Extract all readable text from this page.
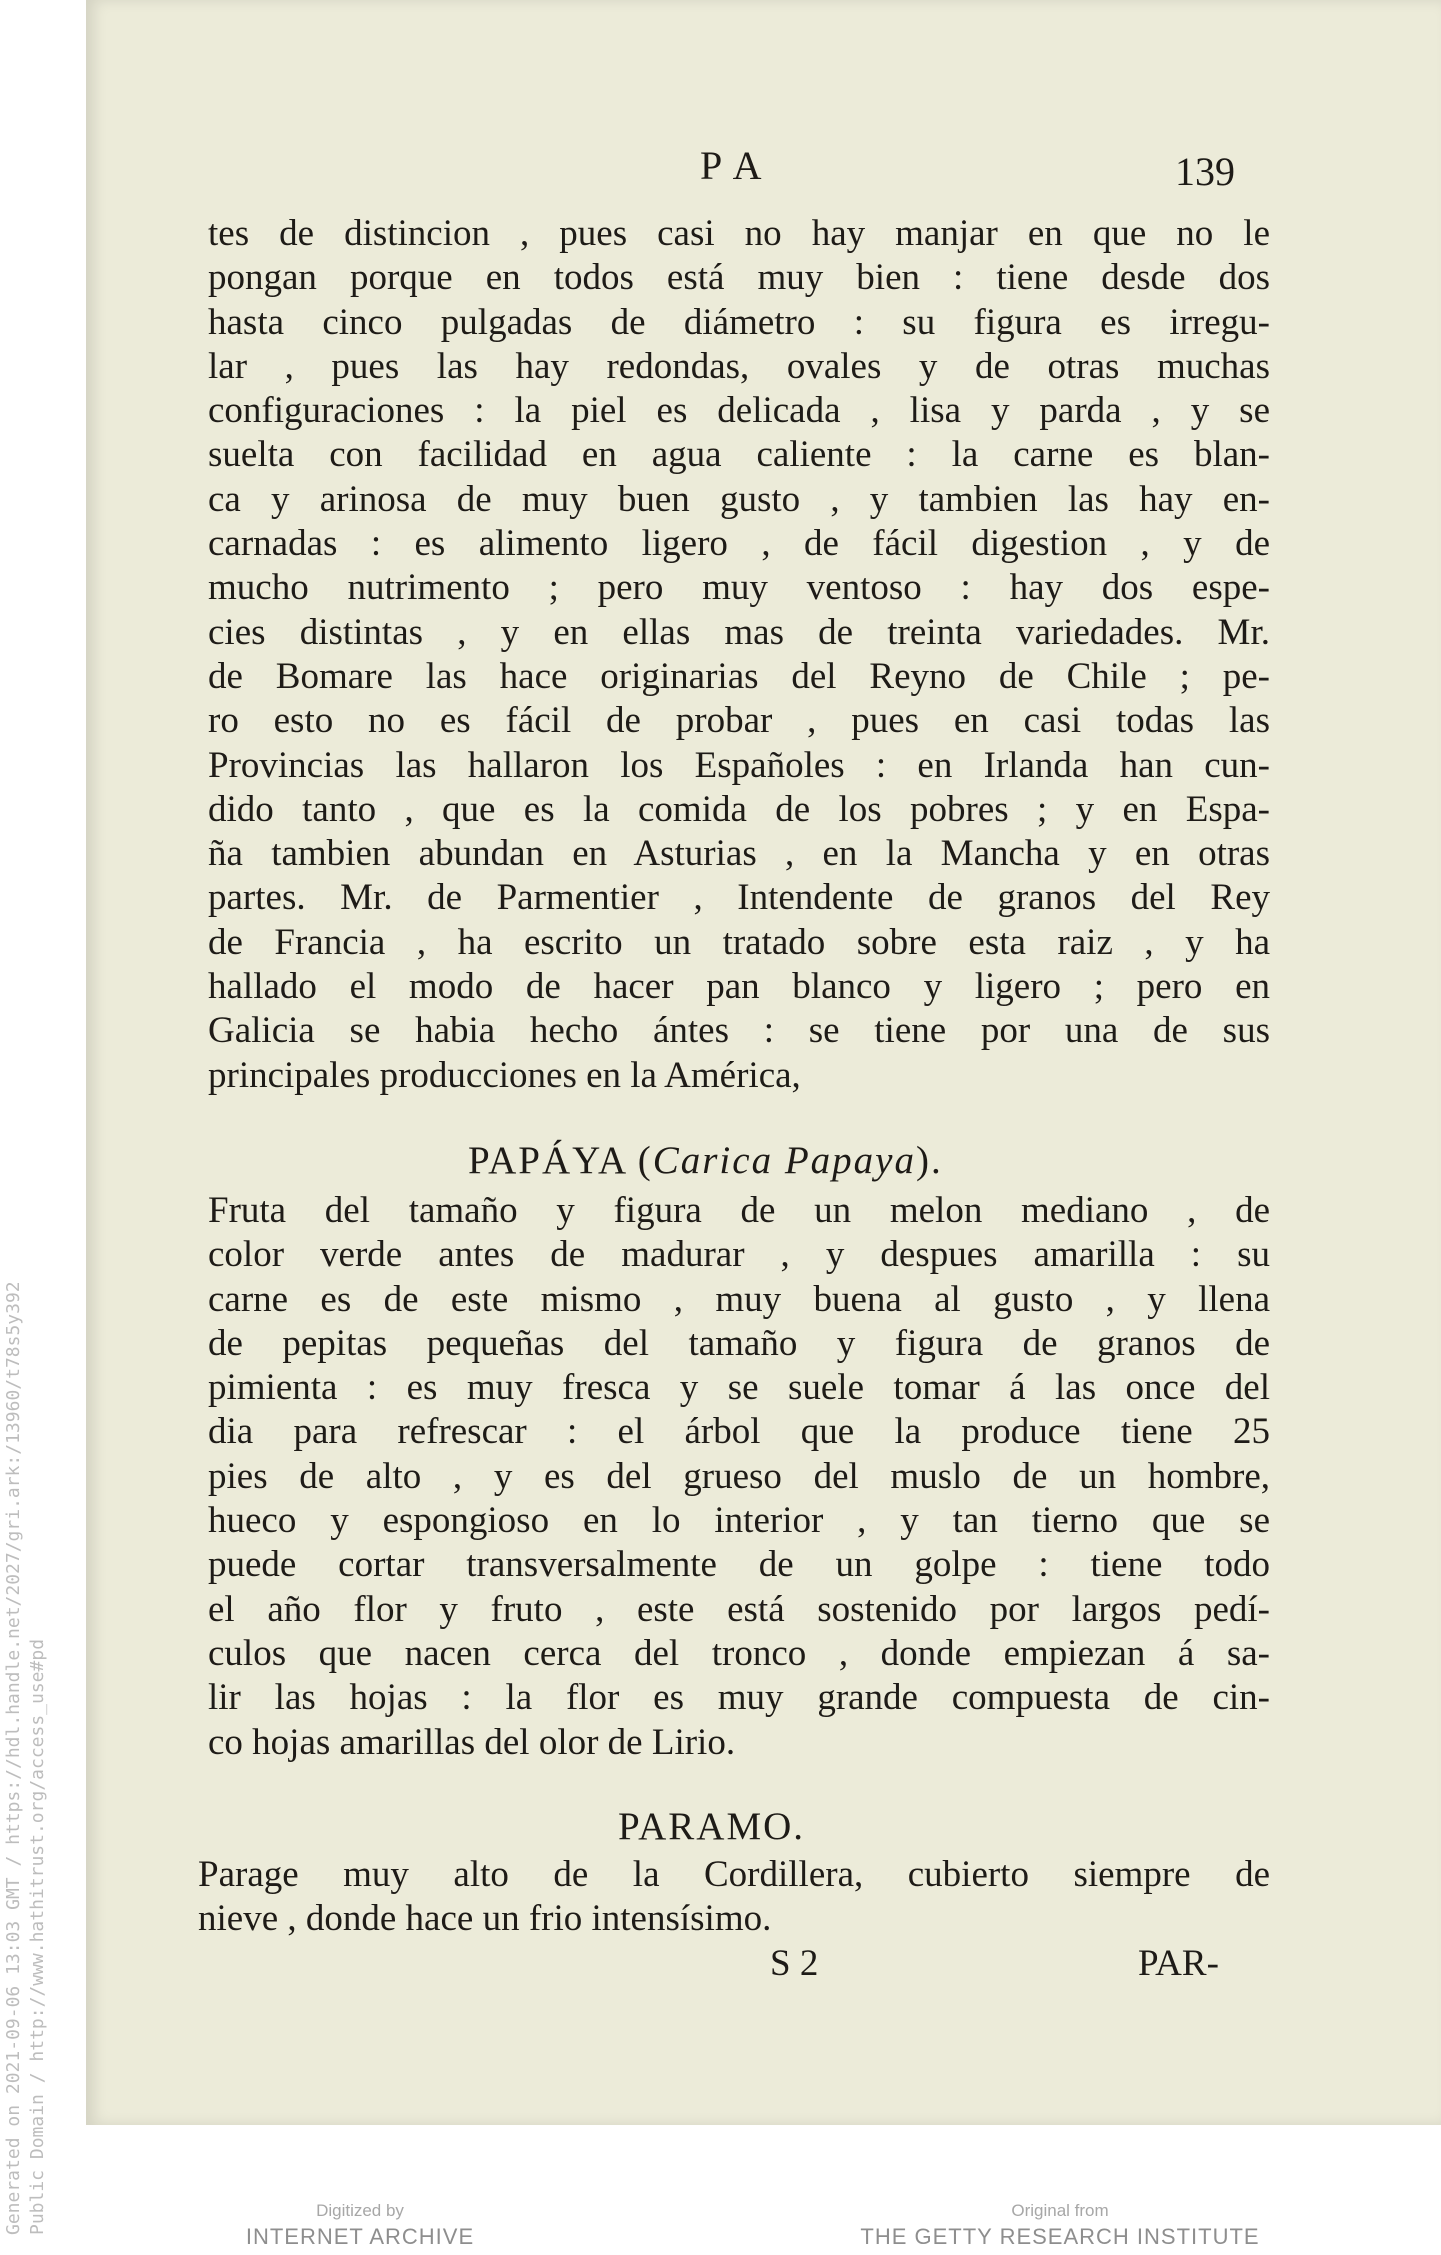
Generated on 2021-09-06 13:03 GMT / https://hdl.handle.net/2027/gri.ark:/13960/t78s5y392 Public Domain / http://www.hathitrust.org/access_use#pd
PA	139
tes de distincion , pues casi no hay manjar en que no le
pongan porque en todos está muy bien : tiene desde dos
hasta cinco pulgadas de diámetro : su figura es irregu-
lar , pues las hay redondas, ovales y de otras muchas
configuraciones : la piel es delicada , lisa y parda , y se
suelta con facilidad en agua caliente : la carne es blan-
ca y arinosa de muy buen gusto , y tambien las hay en-
carnadas : es alimento ligero , de fácil digestion , y de
mucho nutrimento ; pero muy ventoso : hay dos espe-
cies distintas , y en ellas mas de treinta variedades. Mr.
de Bomare las hace originarias del Reyno de Chile ; pe-
ro esto no es fácil de probar , pues en casi todas las
Provincias las hallaron los Españoles : en Irlanda han cun-
dido tanto , que es la comida de los pobres ; y en Espa-
ña tambien abundan en Asturias , en la Mancha y en otras
partes. Mr. de Parmentier , Intendente de granos del Rey
de Francia , ha escrito un tratado sobre esta raiz , y ha
hallado el modo de hacer pan blanco y ligero ; pero en
Galicia se habia hecho ántes : se tiene por una de sus
principales producciones en la América,
PAPÁYA (Carica Papaya).
Fruta del tamaño y figura de un melon mediano , de
color verde antes de madurar , y despues amarilla : su
carne es de este mismo , muy buena al gusto , y llena
de pepitas pequeñas del tamaño y figura de granos de
pimienta : es muy fresca y se suele tomar á las once del
dia para refrescar : el árbol que la produce tiene 25
pies de alto , y es del grueso del muslo de un hombre,
hueco y espongioso en lo interior , y tan tierno que se
puede cortar transversalmente de un golpe : tiene todo
el año flor y fruto , este está sostenido por largos pedí-
culos que nacen cerca del tronco , donde empiezan á sa-
lir las hojas : la flor es muy grande compuesta de cin-
co hojas amarillas del olor de Lirio.
PARAMO.
Parage muy alto de la Cordillera, cubierto siempre de
nieve , donde hace un frio intensísimo.
S 2	PAR-
Digitized by
INTERNET ARCHIVE
Original from
THE GETTY RESEARCH INSTITUTE
